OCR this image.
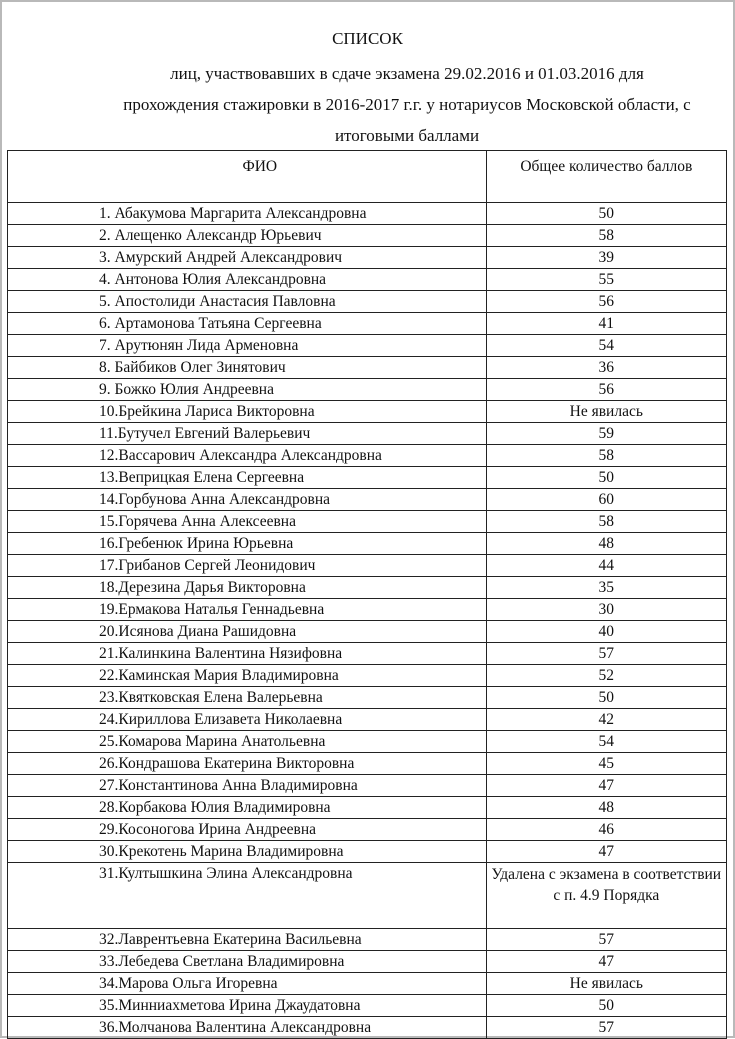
СПИСОК
лиц, участвовавших в сдаче экзамена 29.02.2016 и 01.03.2016 для прохождения стажировки в 2016-2017 г.г. у нотариусов Московской области, с итоговыми баллами
ФИО	Общее количество баллов
1. Абакумова Маргарита Александровна	50
2. Алещенко Александр Юрьевич	58
3. Амурский Андрей Александрович	39
4. Антонова Юлия Александровна	55
5. Апостолиди Анастасия Павловна	56
6. Артамонова Татьяна Сергеевна	41
7. Арутюнян Лида Арменовна	54
8. Байбиков Олег Зинятович	36
9. Божко Юлия Андреевна	56
10.Брейкина Лариса Викторовна	Не явилась
11.Бутучел Евгений Валерьевич	59
12.Вассарович Александра Александровна	58
13.Веприцкая Елена Сергеевна	50
14.Горбунова Анна Александровна	60
15.Горячева Анна Алексеевна	58
16.Гребенюк Ирина Юрьевна	48
17.Грибанов Сергей Леонидович	44
18.Дерезина Дарья Викторовна	35
19.Ермакова Наталья Геннадьевна	30
20.Исянова Диана Рашидовна	40
21.Калинкина Валентина Нязифовна	57
22.Каминская Мария Владимировна	52
23.Квятковская Елена Валерьевна	50
24.Кириллова Елизавета Николаевна	42
25.Комарова Марина Анатольевна	54
26.Кондрашова Екатерина Викторовна	45
27.Константинова Анна Владимировна	47
28.Корбакова Юлия Владимировна	48
29.Косоногова Ирина Андреевна	46
30.Крекотень Марина Владимировна	47
31.Култышкина Элина Александровна	Удалена с экзамена в соответствии с п. 4.9 Порядка
32.Лаврентьевна Екатерина Васильевна	57
33.Лебедева Светлана Владимировна	47
34.Марова Ольга Игоревна	Не явилась
35.Минниахметова Ирина Джаудатовна	50
36.Молчанова Валентина Александровна	57
